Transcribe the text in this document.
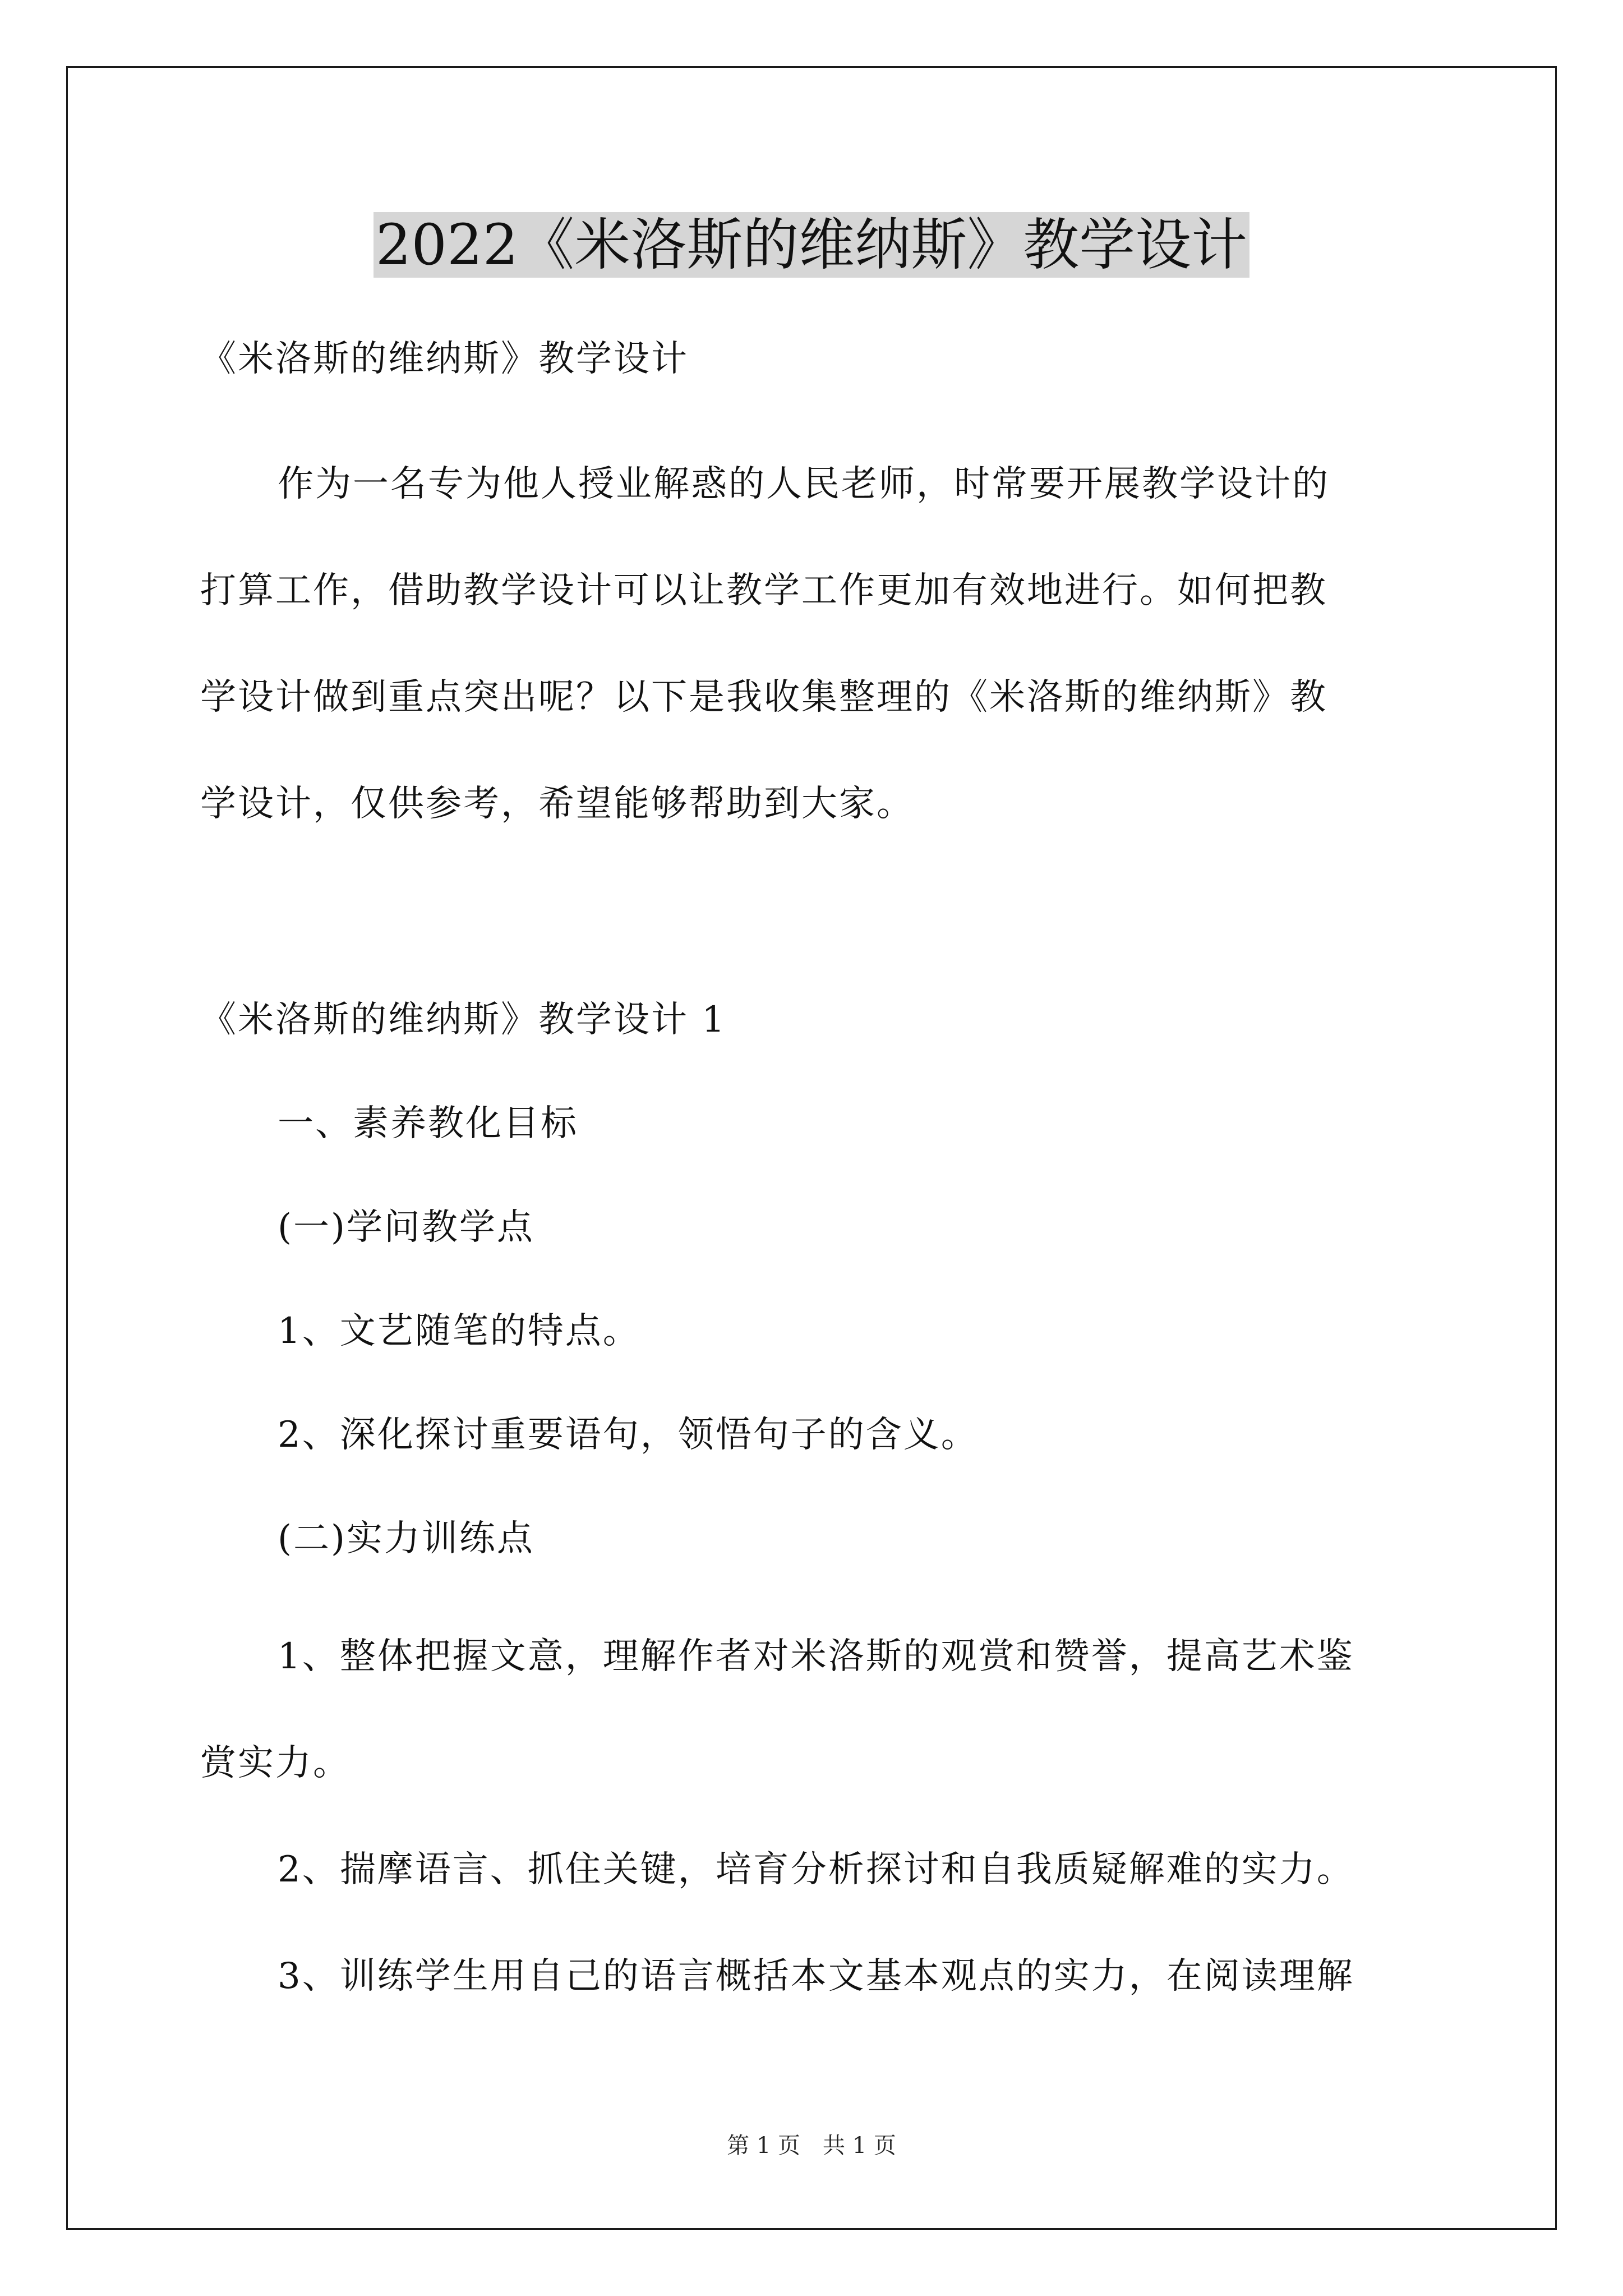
2022《米洛斯的维纳斯》教学设计

《米洛斯的维纳斯》教学设计

作为一名专为他人授业解惑的人民老师，时常要开展教学设计的

打算工作，借助教学设计可以让教学工作更加有效地进行。如何把教

学设计做到重点突出呢？以下是我收集整理的《米洛斯的维纳斯》教

学设计，仅供参考，希望能够帮助到大家。

《米洛斯的维纳斯》教学设计 1

一、素养教化目标

(一)学问教学点

1、文艺随笔的特点。

2、深化探讨重要语句，领悟句子的含义。

(二)实力训练点

1、整体把握文意，理解作者对米洛斯的观赏和赞誉，提高艺术鉴

赏实力。

2、揣摩语言、抓住关键，培育分析探讨和自我质疑解难的实力。

3、训练学生用自己的语言概括本文基本观点的实力，在阅读理解

第 1 页　共 1 页
